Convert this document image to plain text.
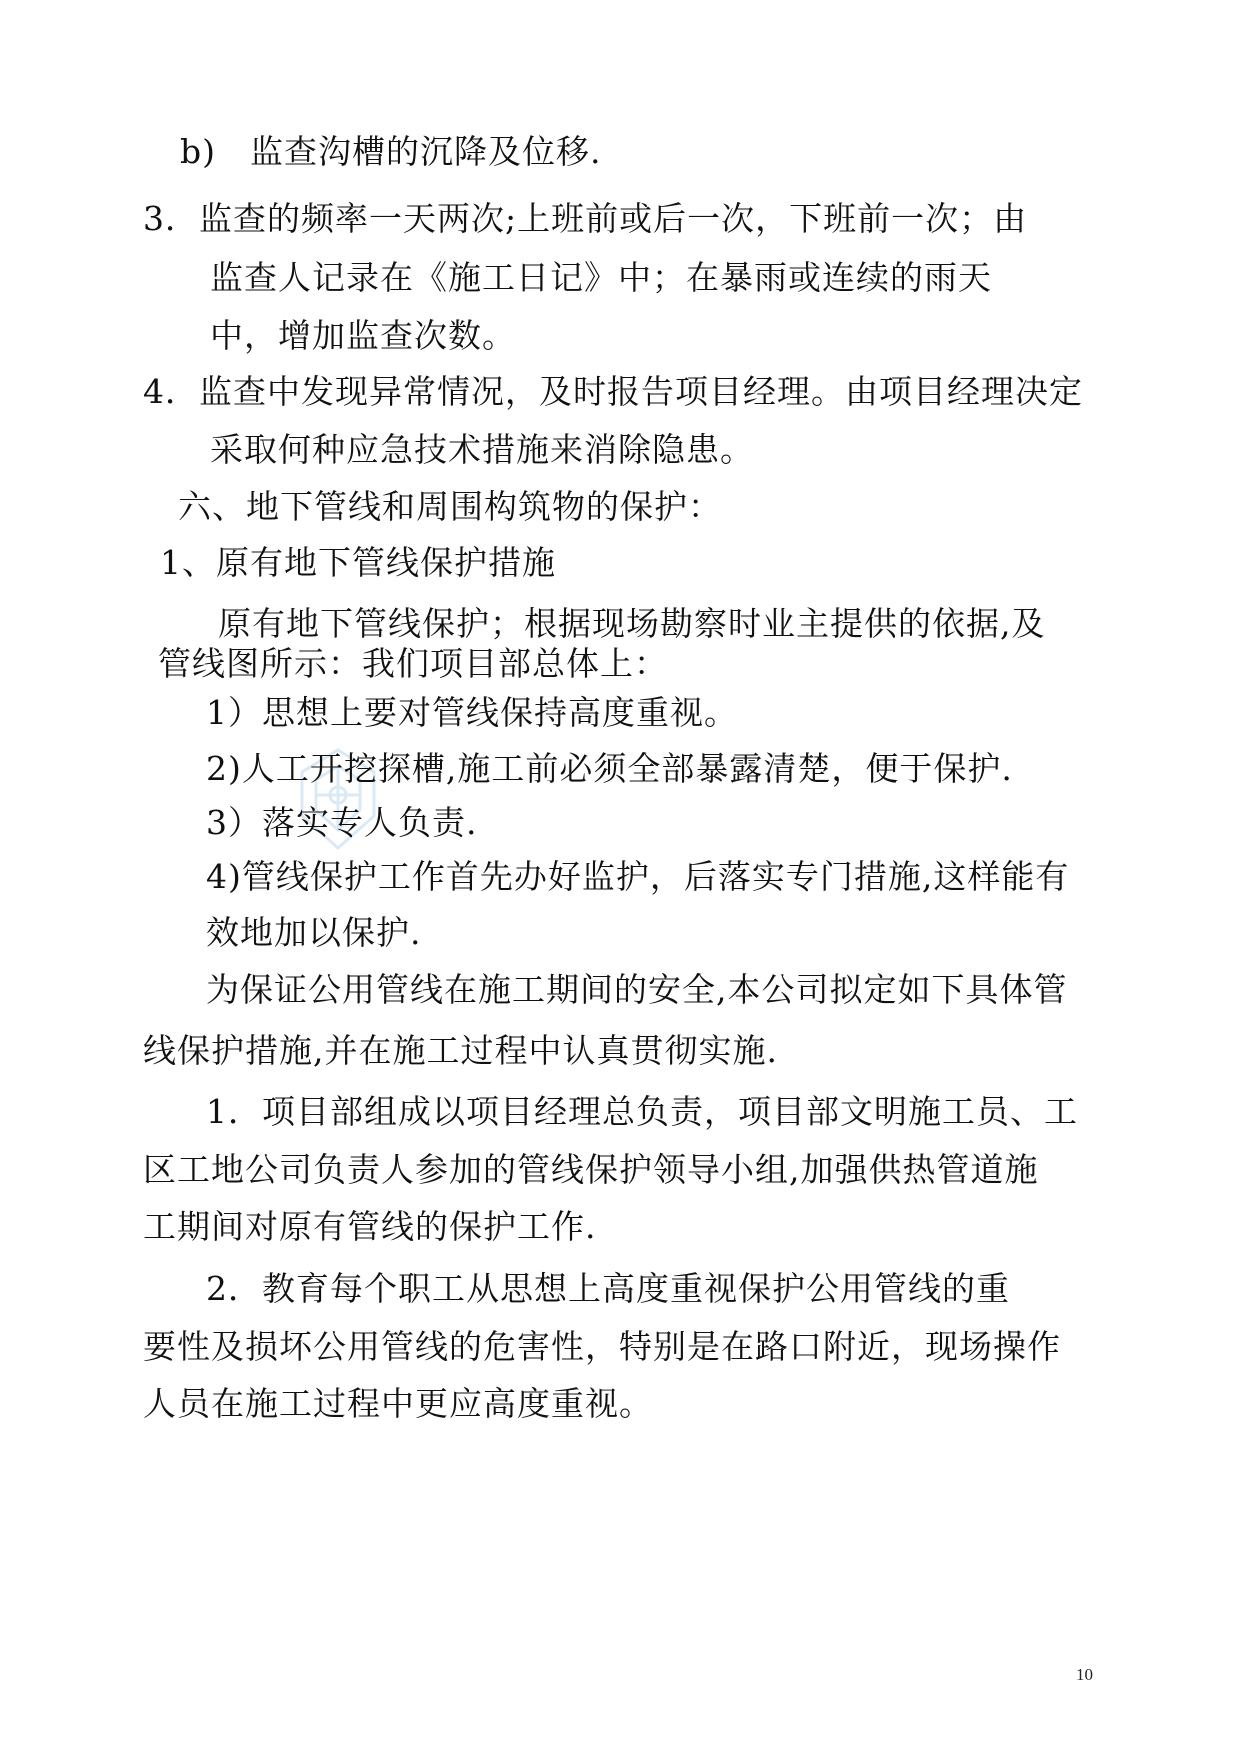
b)　监查沟槽的沉降及位移.
3．监查的频率一天两次;上班前或后一次，下班前一次；由
监查人记录在《施工日记》中；在暴雨或连续的雨天
中，增加监查次数。
4．监查中发现异常情况，及时报告项目经理。由项目经理决定
采取何种应急技术措施来消除隐患。
六、地下管线和周围构筑物的保护：
1、原有地下管线保护措施
原有地下管线保护；根据现场勘察时业主提供的依据,及
管线图所示：我们项目部总体上：
1）思想上要对管线保持高度重视。
2)人工开挖探槽,施工前必须全部暴露清楚，便于保护.
3）落实专人负责.
4)管线保护工作首先办好监护，后落实专门措施,这样能有
效地加以保护.
为保证公用管线在施工期间的安全,本公司拟定如下具体管
线保护措施,并在施工过程中认真贯彻实施.
1．项目部组成以项目经理总负责，项目部文明施工员、工
区工地公司负责人参加的管线保护领导小组,加强供热管道施
工期间对原有管线的保护工作.
2．教育每个职工从思想上高度重视保护公用管线的重
要性及损坏公用管线的危害性，特别是在路口附近，现场操作
人员在施工过程中更应高度重视。
10
